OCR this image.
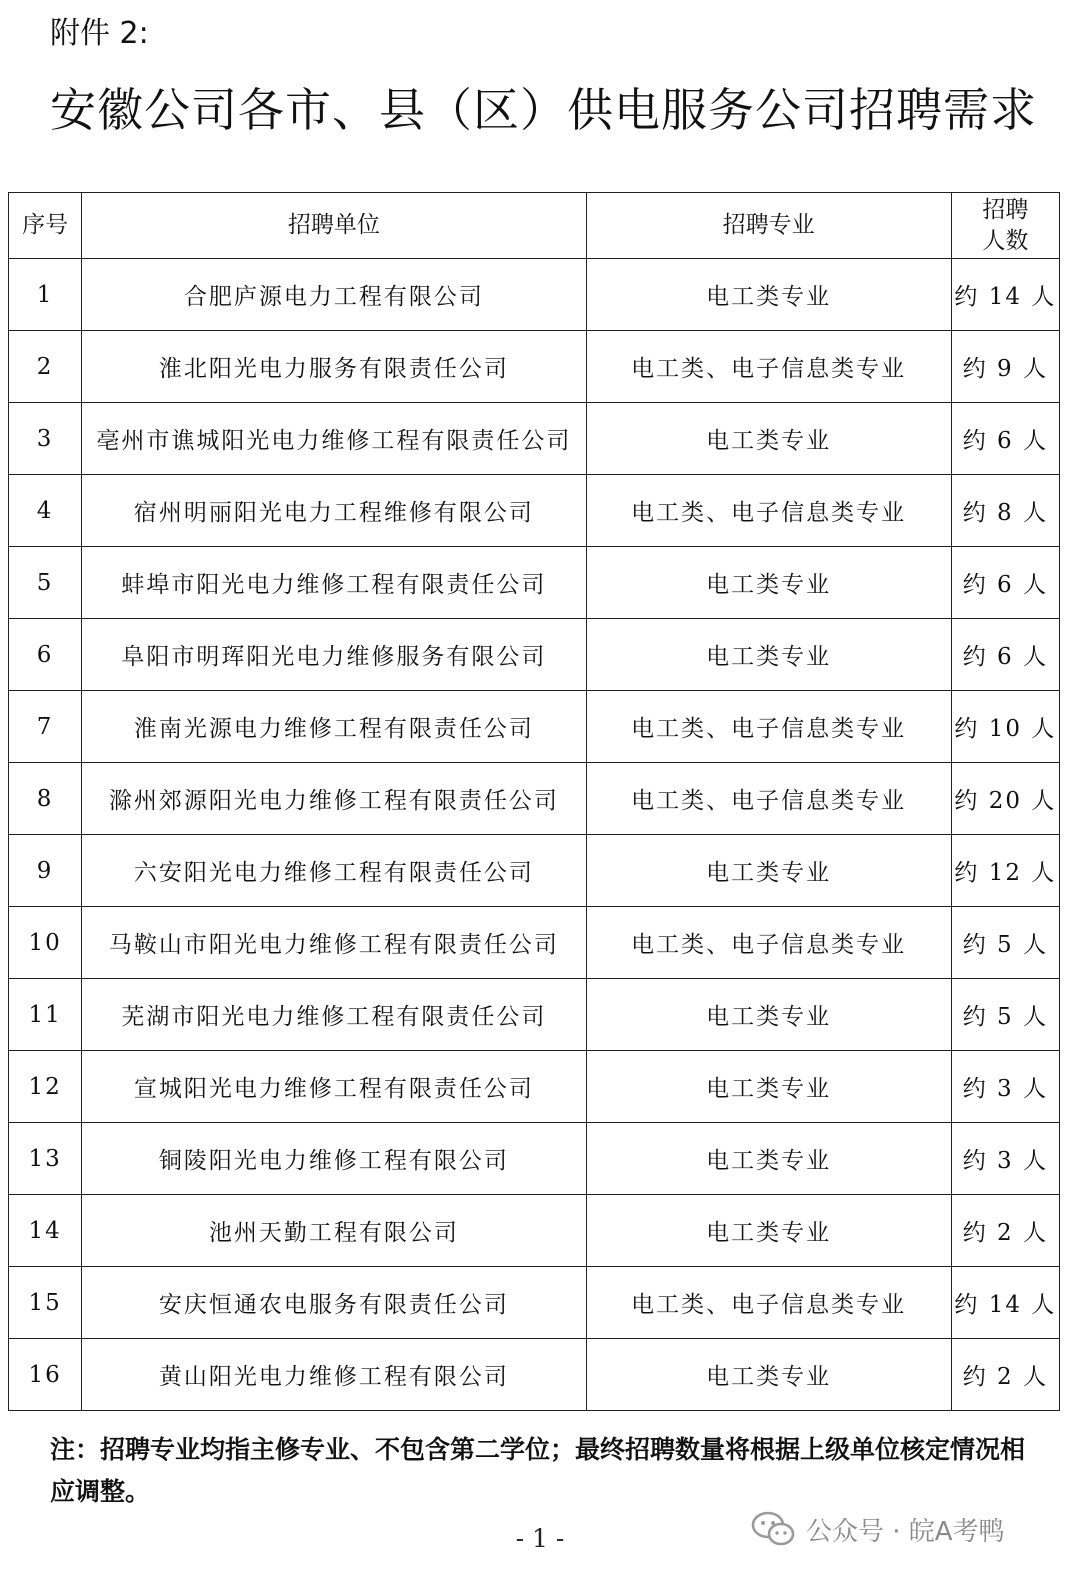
附件 2:
安徽公司各市、县（区）供电服务公司招聘需求
序号	招聘单位	招聘专业	招聘
人数

1	合肥庐源电力工程有限公司	电工类专业	约 14 人
2	淮北阳光电力服务有限责任公司	电工类、电子信息类专业	约 9 人
3	亳州市谯城阳光电力维修工程有限责任公司	电工类专业	约 6 人
4	宿州明丽阳光电力工程维修有限公司	电工类、电子信息类专业	约 8 人
5	蚌埠市阳光电力维修工程有限责任公司	电工类专业	约 6 人
6	阜阳市明珲阳光电力维修服务有限公司	电工类专业	约 6 人
7	淮南光源电力维修工程有限责任公司	电工类、电子信息类专业	约 10 人
8	滁州郊源阳光电力维修工程有限责任公司	电工类、电子信息类专业	约 20 人
9	六安阳光电力维修工程有限责任公司	电工类专业	约 12 人
10	马鞍山市阳光电力维修工程有限责任公司	电工类、电子信息类专业	约 5 人
11	芜湖市阳光电力维修工程有限责任公司	电工类专业	约 5 人
12	宣城阳光电力维修工程有限责任公司	电工类专业	约 3 人
13	铜陵阳光电力维修工程有限公司	电工类专业	约 3 人
14	池州天勤工程有限公司	电工类专业	约 2 人
15	安庆恒通农电服务有限责任公司	电工类、电子信息类专业	约 14 人
16	黄山阳光电力维修工程有限公司	电工类专业	约 2 人
注：招聘专业均指主修专业、不包含第二学位；最终招聘数量将根据上级单位核定情况相应调整。
- 1 -	公众号 · 皖A考鸭
